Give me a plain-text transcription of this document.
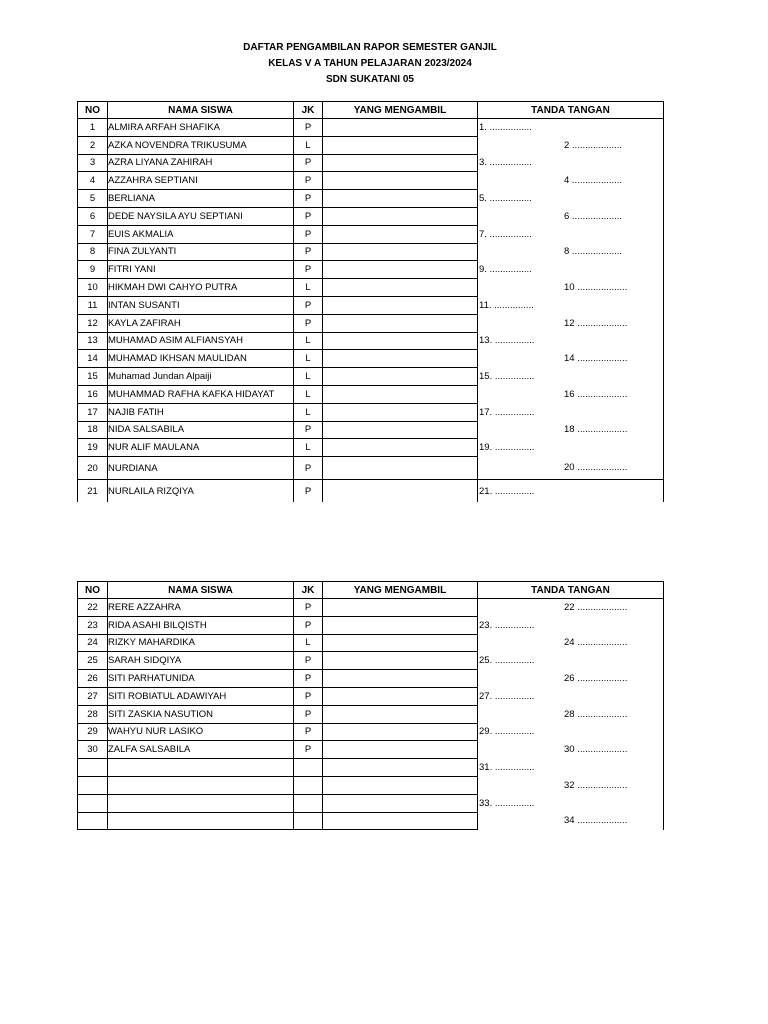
DAFTAR PENGAMBILAN RAPOR SEMESTER GANJIL
KELAS V A TAHUN PELAJARAN 2023/2024
SDN SUKATANI 05
NO	NAMA SISWA	JK	YANG MENGAMBIL	TANDA TANGAN
1	ALMIRA ARFAH SHAFIKA	P		1. ................
2	AZKA NOVENDRA TRIKUSUMA	L		2 ...................

3	AZRA LIYANA ZAHIRAH	P		3. ................
4	AZZAHRA SEPTIANI	P		4 ...................

5	BERLIANA	P		5. ................
6	DEDE NAYSILA AYU SEPTIANI	P		6 ...................

7	EUIS AKMALIA	P		7. ................
8	FINA ZULYANTI	P		8 ...................

9	FITRI YANI	P		9. ................
10	HIKMAH DWI CAHYO PUTRA	L		10 ...................

11	INTAN SUSANTI	P		11. ...............
12	KAYLA ZAFIRAH	P		12 ...................

13	MUHAMAD ASIM ALFIANSYAH	L		13. ...............
14	MUHAMAD IKHSAN MAULIDAN	L		14 ...................

15	Muhamad Jundan Alpaiji	L		15. ...............
16	MUHAMMAD RAFHA KAFKA HIDAYAT	L		16 ...................

17	NAJIB FATIH	L		17. ...............
18	NIDA SALSABILA	P		18 ...................

19	NUR ALIF MAULANA	L		19. ...............
20	NURDIANA	P		20 ...................

21	NURLAILA RIZQIYA	P		21. ...............
NO	NAMA SISWA	JK	YANG MENGAMBIL	TANDA TANGAN
22	RERE AZZAHRA	P		22 ...................

23	RIDA ASAHI BILQISTH	P		23. ...............
24	RIZKY MAHARDIKA	L		24 ...................

25	SARAH SIDQIYA	P		25. ...............
26	SITI PARHATUNIDA	P		26 ...................

27	SITI ROBIATUL ADAWIYAH	P		27. ...............
28	SITI ZASKIA NASUTION	P		28 ...................

29	WAHYU NUR LASIKO	P		29. ...............
30	ZALFA SALSABILA	P		30 ...................

				31. ...............

				32 ...................

				33. ...............

				34 ...................
